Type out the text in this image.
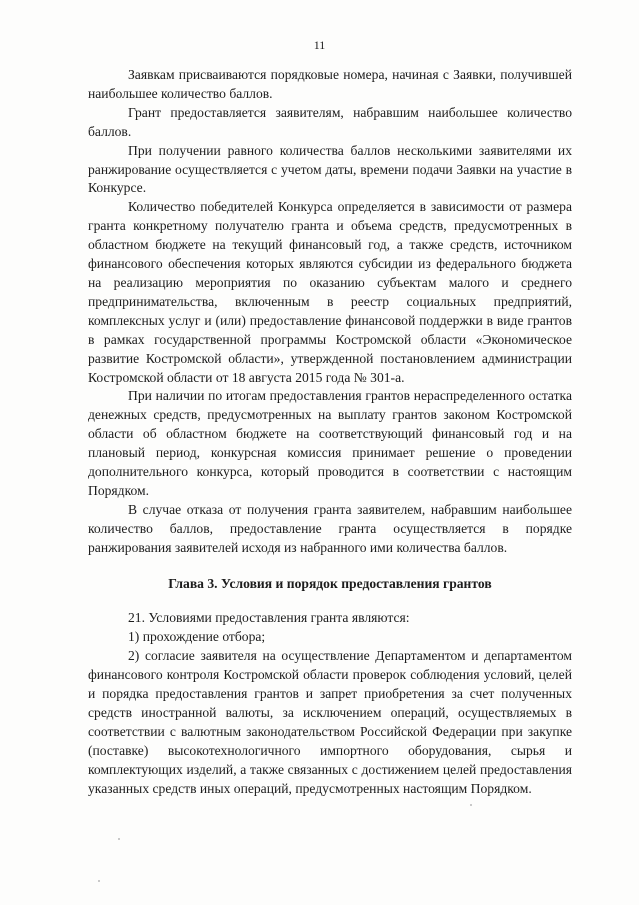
11

Заявкам присваиваются порядковые номера, начиная с Заявки, получившей наибольшее количество баллов.

Грант предоставляется заявителям, набравшим наибольшее количество баллов.

При получении равного количества баллов несколькими заявителями их ранжирование осуществляется с учетом даты, времени подачи Заявки на участие в Конкурсе.

Количество победителей Конкурса определяется в зависимости от размера гранта конкретному получателю гранта и объема средств, предусмотренных в областном бюджете на текущий финансовый год, а также средств, источником финансового обеспечения которых являются субсидии из федерального бюджета на реализацию мероприятия по оказанию субъектам малого и среднего предпринимательства, включенным в реестр социальных предприятий, комплексных услуг и (или) предоставление финансовой поддержки в виде грантов в рамках государственной программы Костромской области «Экономическое развитие Костромской области», утвержденной постановлением администрации Костромской области от 18 августа 2015 года № 301-а.

При наличии по итогам предоставления грантов нераспределенного остатка денежных средств, предусмотренных на выплату грантов законом Костромской области об областном бюджете на соответствующий финансовый год и на плановый период, конкурсная комиссия принимает решение о проведении дополнительного конкурса, который проводится в соответствии с настоящим Порядком.

В случае отказа от получения гранта заявителем, набравшим наибольшее количество баллов, предоставление гранта осуществляется в порядке ранжирования заявителей исходя из набранного ими количества баллов.

Глава 3. Условия и порядок предоставления грантов

21. Условиями предоставления гранта являются:

1) прохождение отбора;

2) согласие заявителя на осуществление Департаментом и департаментом финансового контроля Костромской области проверок соблюдения условий, целей и порядка предоставления грантов и запрет приобретения за счет полученных средств иностранной валюты, за исключением операций, осуществляемых в соответствии с валютным законодательством Российской Федерации при закупке (поставке) высокотехнологичного импортного оборудования, сырья и комплектующих изделий, а также связанных с достижением целей предоставления указанных средств иных операций, предусмотренных настоящим Порядком.
